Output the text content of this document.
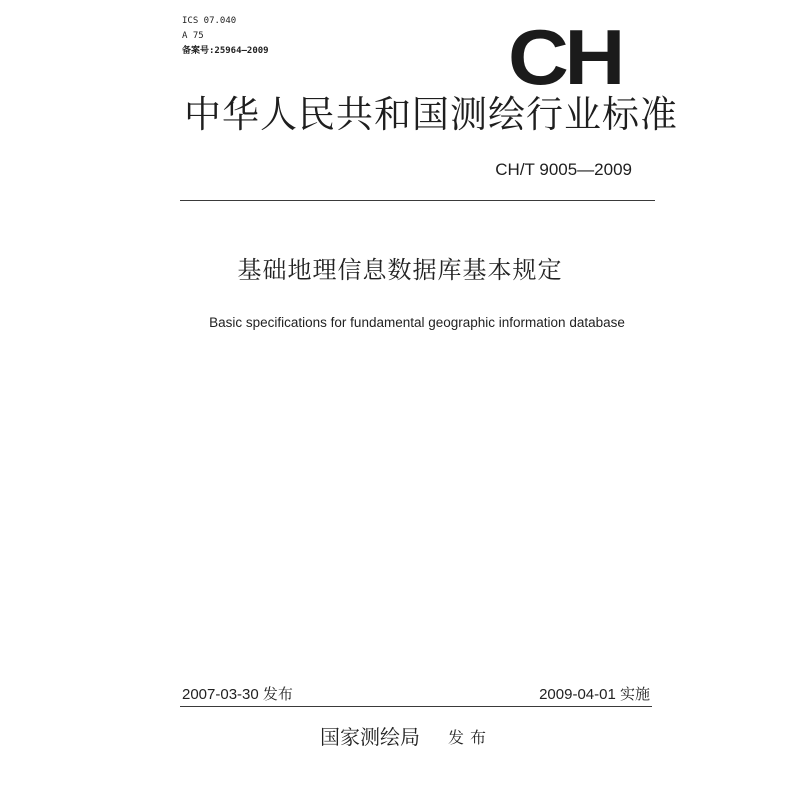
ICS 07.040
A 75
备案号:25964—2009	CH
中华人民共和国测绘行业标准
CH/T 9005—2009
基础地理信息数据库基本规定
Basic specifications for fundamental geographic information database
2007-03-30 发布	2009-04-01 实施
国家测绘局 发布
